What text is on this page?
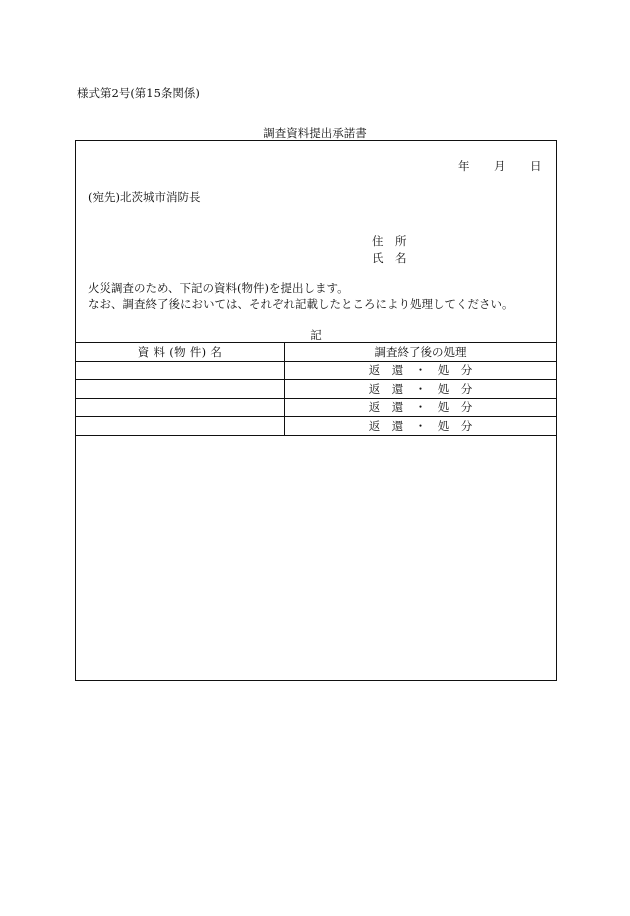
様式第2号(第15条関係)
調査資料提出承諾書
年 月 日
(宛先)北茨城市消防長
住　所
氏　名
火災調査のため、下記の資料(物件)を提出します。
なお、調査終了後においては、それぞれ記載したところにより処理してください。
記
資 料 (物 件) 名	調査終了後の処理
	返　還　・　処　分
	返　還　・　処　分
	返　還　・　処　分
	返　還　・　処　分
